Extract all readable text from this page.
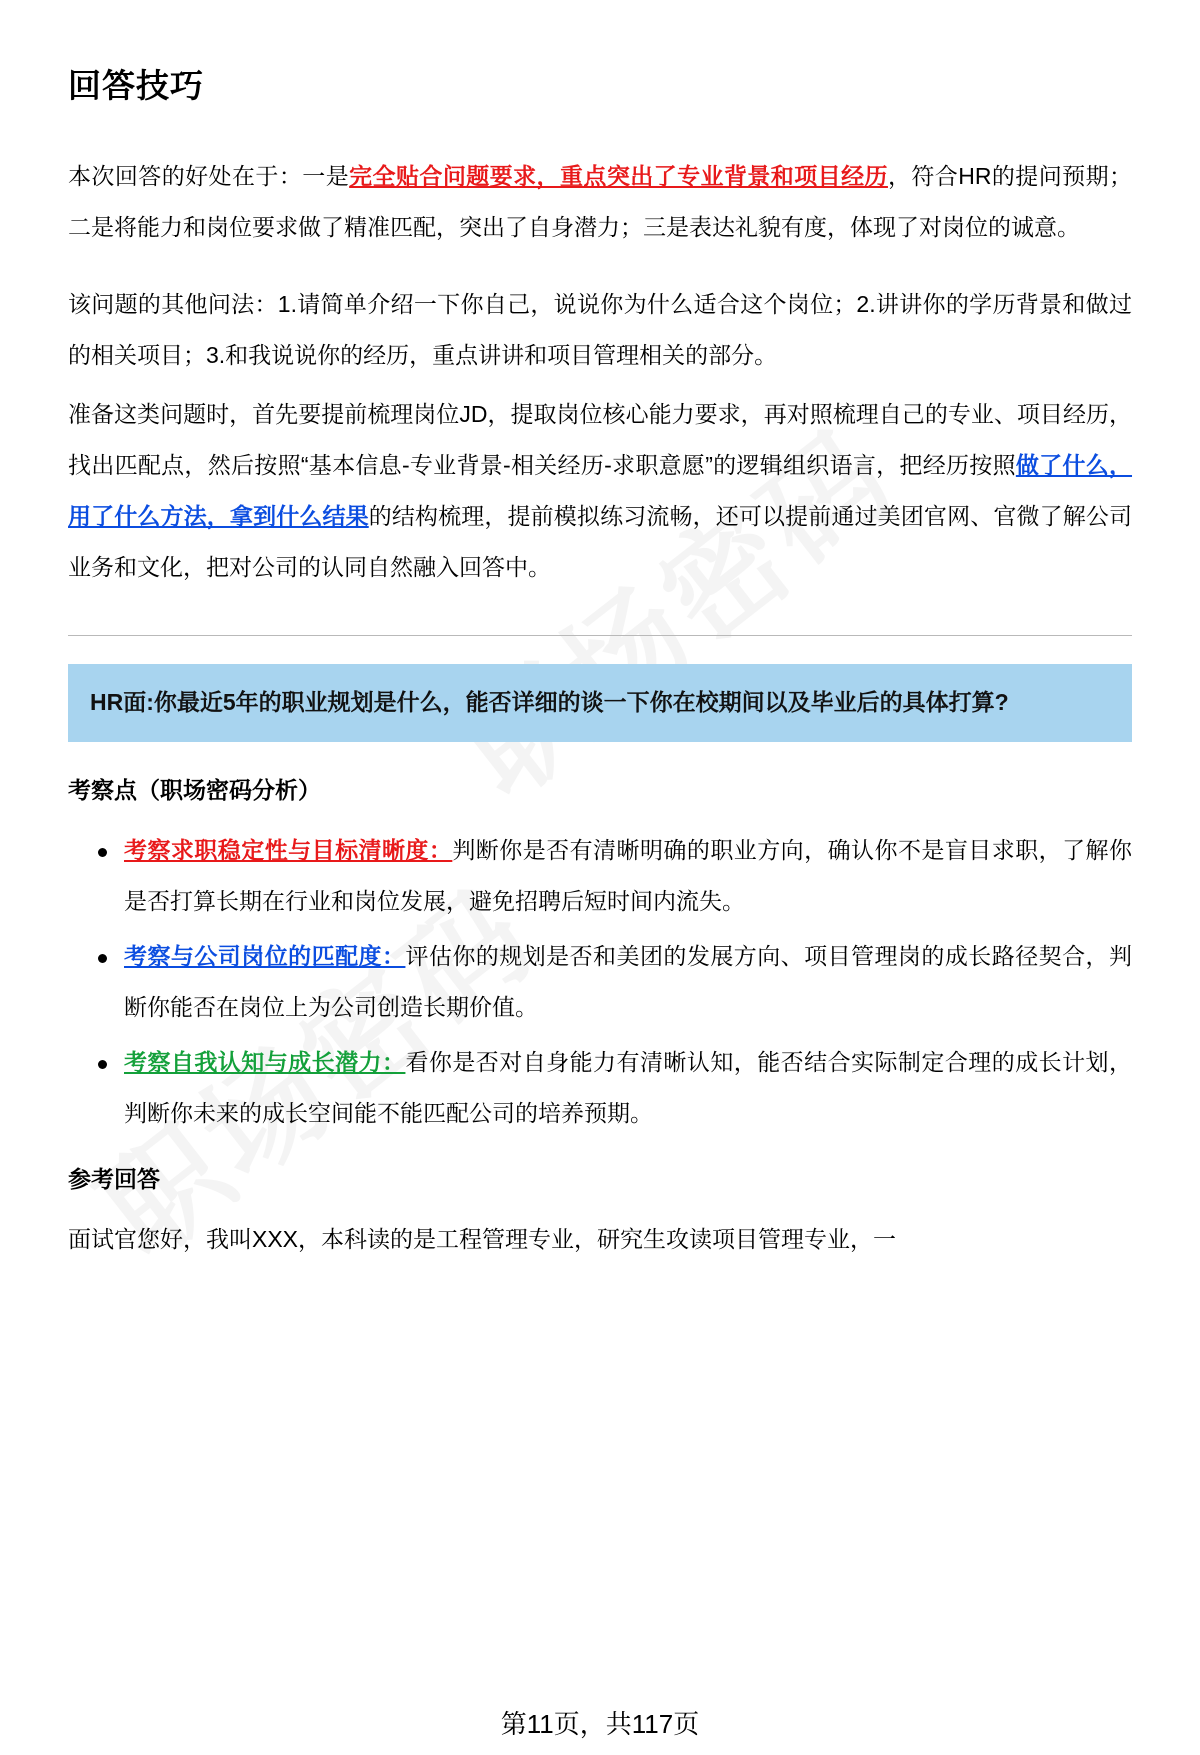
回答技巧

本次回答的好处在于：一是完全贴合问题要求，重点突出了专业背景和项目经历，符合HR的提问预期；二是将能力和岗位要求做了精准匹配，突出了自身潜力；三是表达礼貌有度，体现了对岗位的诚意。

该问题的其他问法：1.请简单介绍一下你自己，说说你为什么适合这个岗位；2.讲讲你的学历背景和做过的相关项目；3.和我说说你的经历，重点讲讲和项目管理相关的部分。

准备这类问题时，首先要提前梳理岗位JD，提取岗位核心能力要求，再对照梳理自己的专业、项目经历，找出匹配点，然后按照“基本信息-专业背景-相关经历-求职意愿”的逻辑组织语言，把经历按照做了什么，用了什么方法，拿到什么结果的结构梳理，提前模拟练习流畅，还可以提前通过美团官网、官微了解公司业务和文化，把对公司的认同自然融入回答中。

HR面:你最近5年的职业规划是什么，能否详细的谈一下你在校期间以及毕业后的具体打算?
考察点（职场密码分析）
考察求职稳定性与目标清晰度：判断你是否有清晰明确的职业方向，确认你不是盲目求职，了解你是否打算长期在行业和岗位发展，避免招聘后短时间内流失。
考察与公司岗位的匹配度：评估你的规划是否和美团的发展方向、项目管理岗的成长路径契合，判断你能否在岗位上为公司创造长期价值。
考察自我认知与成长潜力：看你是否对自身能力有清晰认知，能否结合实际制定合理的成长计划，判断你未来的成长空间能不能匹配公司的培养预期。
参考回答

面试官您好，我叫XXX，本科读的是工程管理专业，研究生攻读项目管理专业，一

第11页，共117页
